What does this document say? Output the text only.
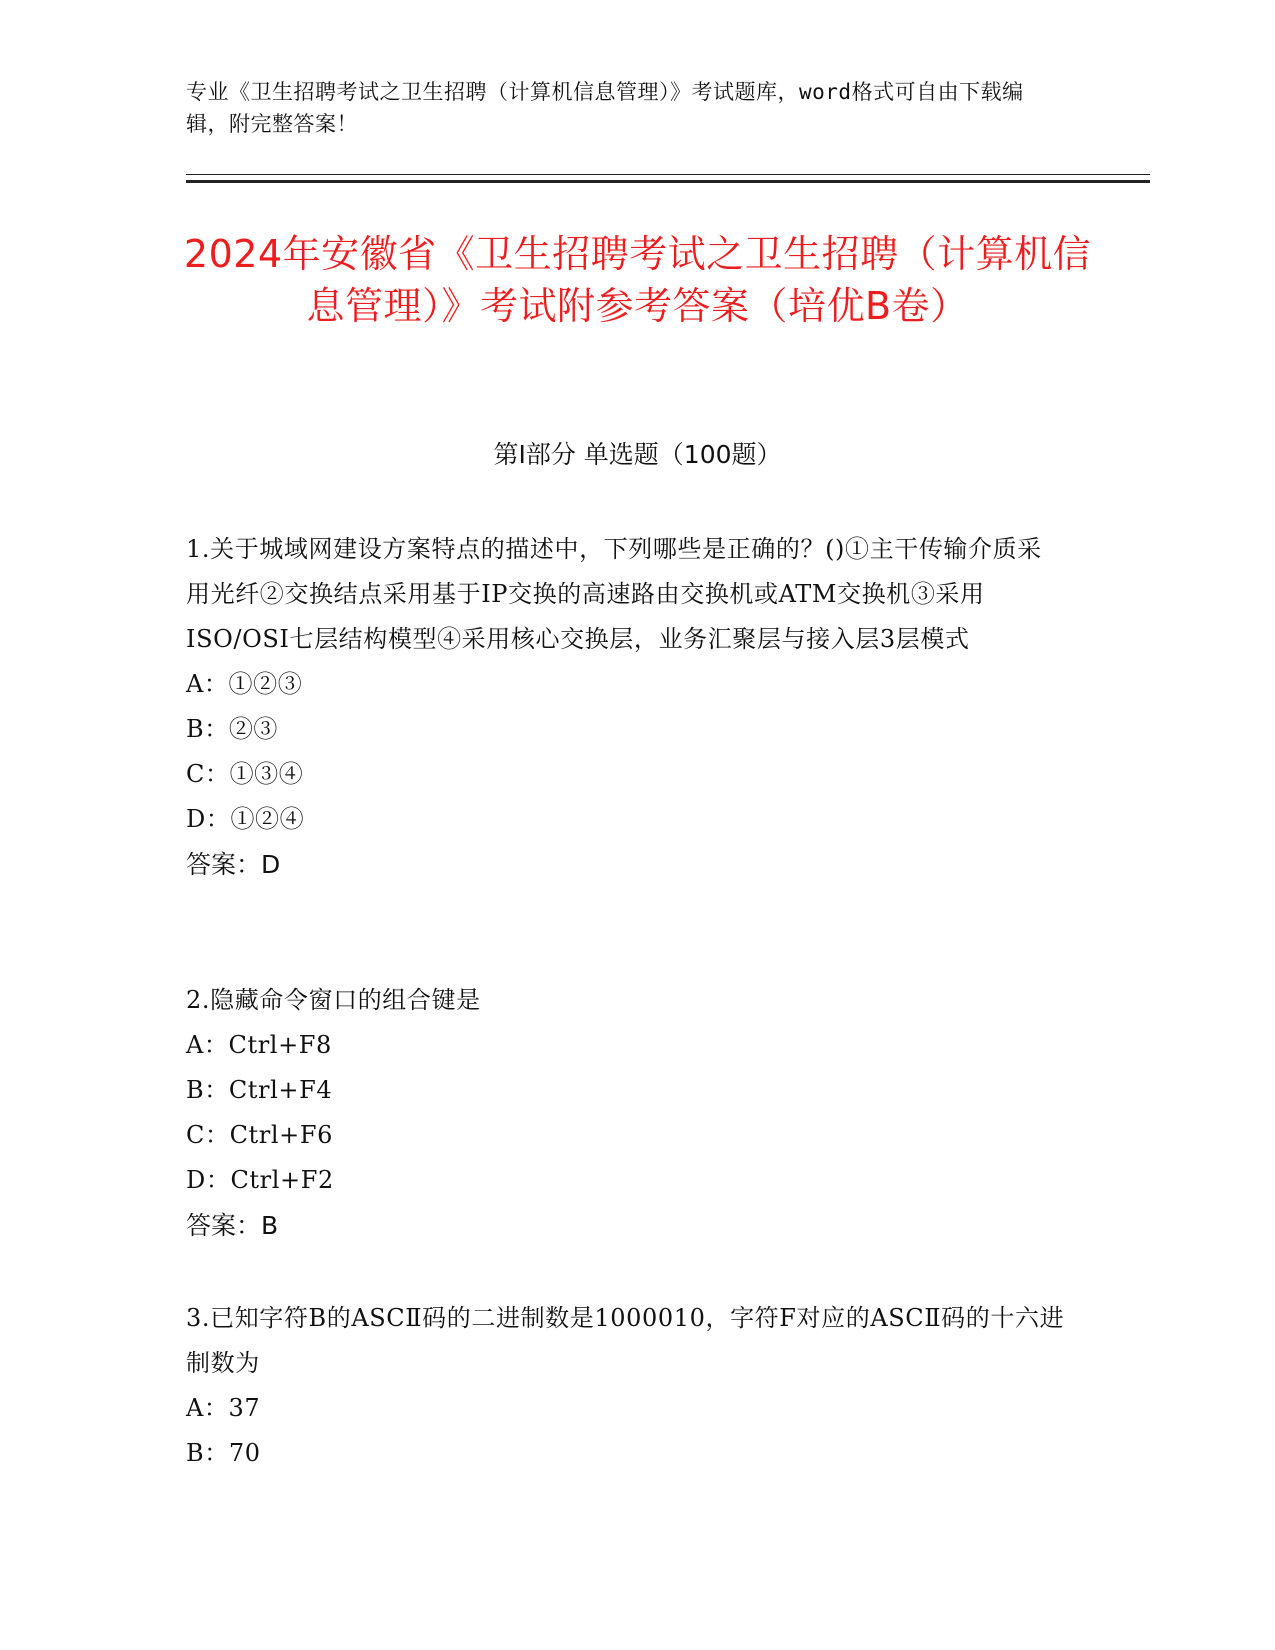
专业《卫生招聘考试之卫生招聘（计算机信息管理）》考试题库，word格式可自由下载编辑，附完整答案！
2024年安徽省《卫生招聘考试之卫生招聘（计算机信息管理）》考试附参考答案（培优B卷）
第I部分 单选题（100题）

1.关于城域网建设方案特点的描述中，下列哪些是正确的？()①主干传输介质采用光纤②交换结点采用基于IP交换的高速路由交换机或ATM交换机③采用ISO/OSI七层结构模型④采用核心交换层，业务汇聚层与接入层3层模式

A：①②③

B：②③

C：①③④

D：①②④

答案：D

2.隐藏命令窗口的组合键是

A：Ctrl+F8

B：Ctrl+F4

C：Ctrl+F6

D：Ctrl+F2

答案：B

3.已知字符B的ASCⅡ码的二进制数是1000010，字符F对应的ASCⅡ码的十六进制数为

A：37

B：70
